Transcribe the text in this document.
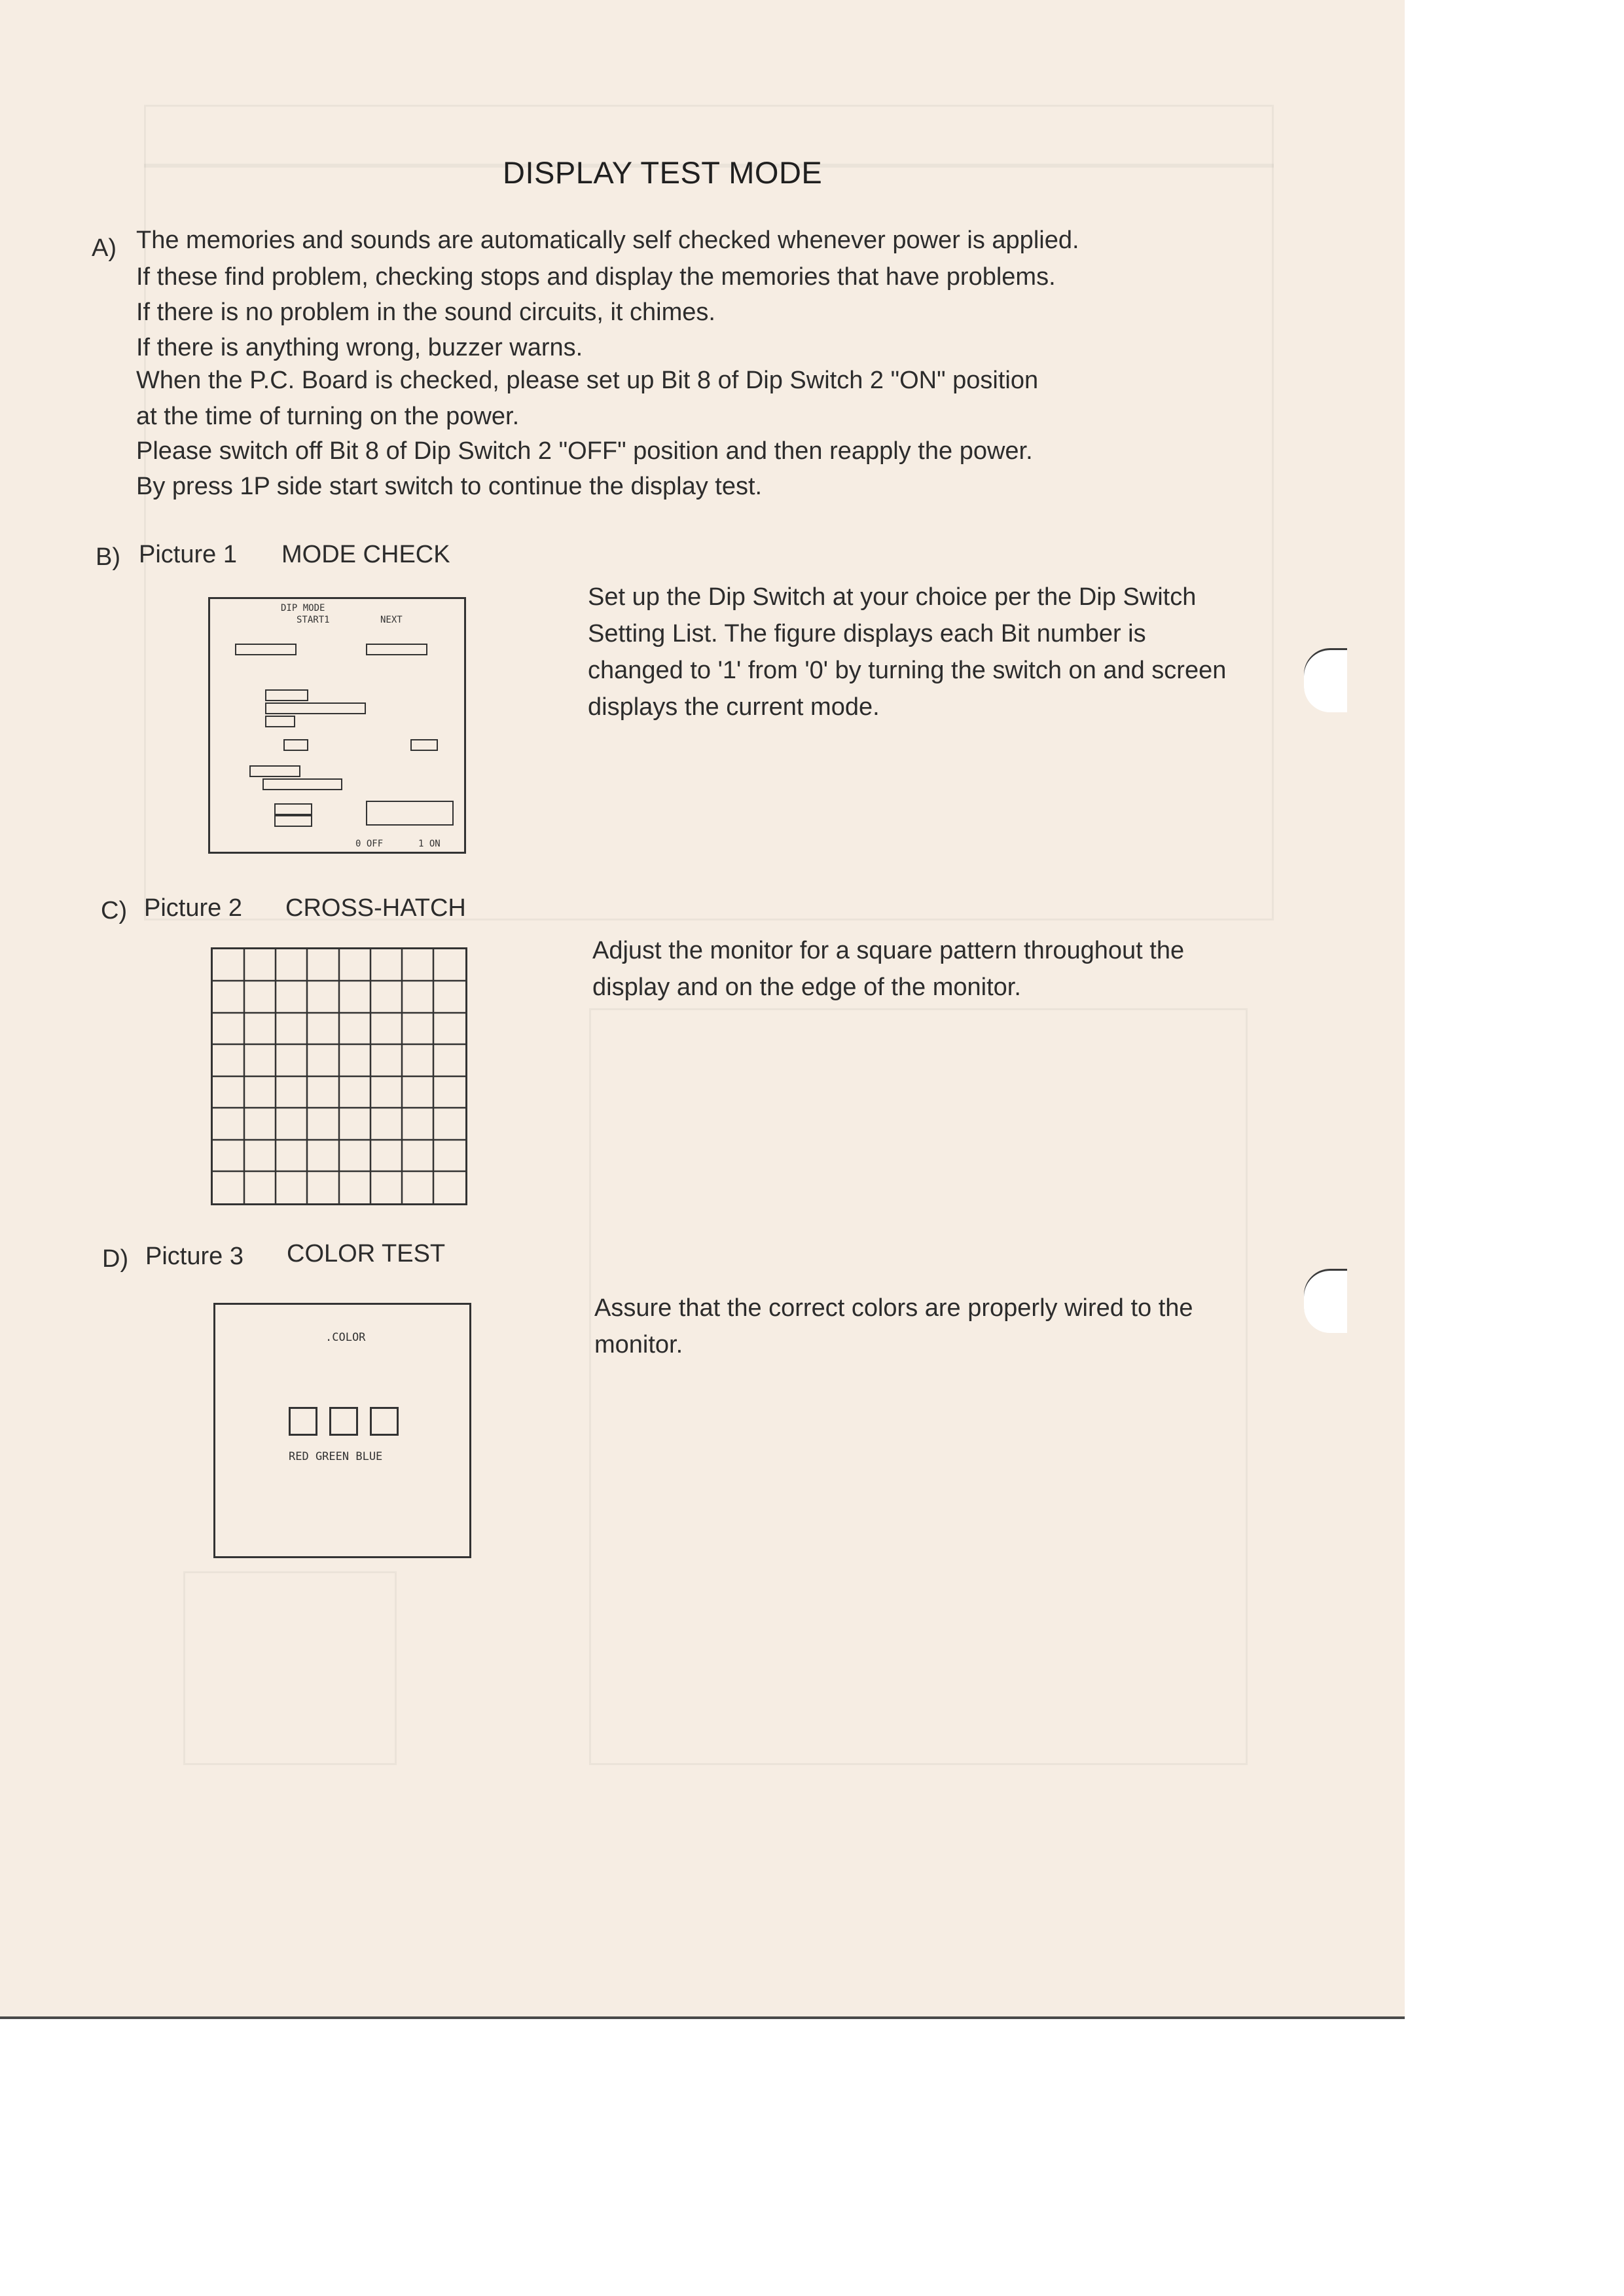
DISPLAY TEST MODE
A) The memories and sounds are automatically self checked whenever power is applied.
If these find problem, checking stops and display the memories that have problems.
If there is no problem in the sound circuits, it chimes.
If there is anything wrong, buzzer warns.
When the P.C. Board is checked, please set up Bit 8 of Dip Switch 2 "ON" position
at the time of turning on the power.
Please switch off Bit 8 of Dip Switch 2 "OFF" position and then reapply the power.
By press 1P side start switch to continue the display test.
B) Picture 1 MODE CHECK
DIP MODE
START1	NEXT
0 OFF	1 ON
Set up the Dip Switch at your choice per the Dip Switch Setting List. The figure displays each Bit number is changed to '1' from '0' by turning the switch on and screen displays the current mode.
C) Picture 2 CROSS-HATCH
Adjust the monitor for a square pattern throughout the display and on the edge of the monitor.
D) Picture 3 COLOR TEST
.COLOR
RED GREEN BLUE
Assure that the correct colors are properly wired to the monitor.
